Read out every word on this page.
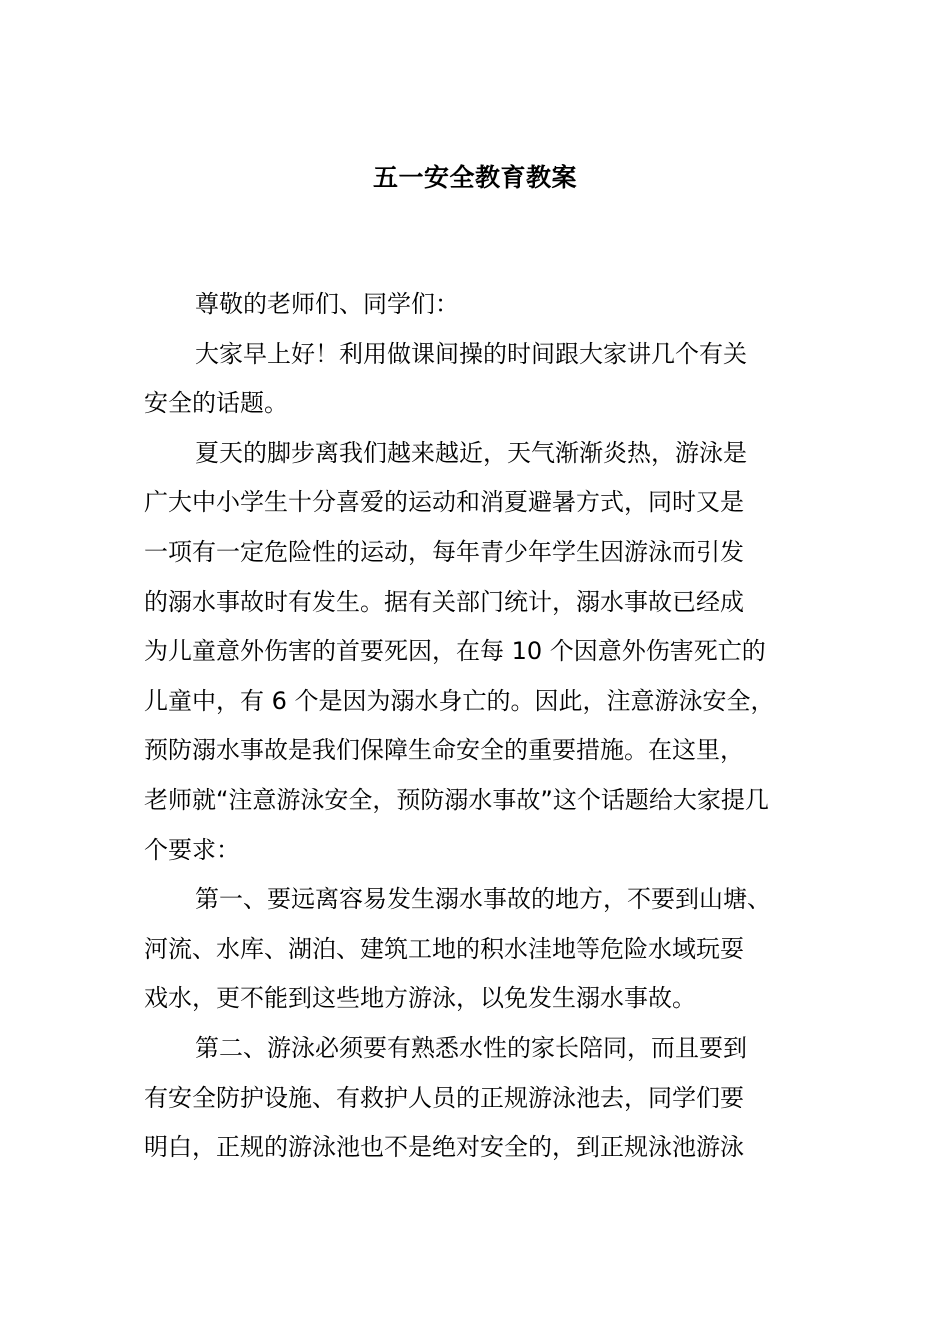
五一安全教育教案
尊敬的老师们、同学们：
大家早上好！利用做课间操的时间跟大家讲几个有关
安全的话题。
夏天的脚步离我们越来越近，天气渐渐炎热，游泳是
广大中小学生十分喜爱的运动和消夏避暑方式，同时又是
一项有一定危险性的运动，每年青少年学生因游泳而引发
的溺水事故时有发生。据有关部门统计，溺水事故已经成
为儿童意外伤害的首要死因，在每 10 个因意外伤害死亡的
儿童中，有 6 个是因为溺水身亡的。因此，注意游泳安全，
预防溺水事故是我们保障生命安全的重要措施。在这里，
老师就“注意游泳安全，预防溺水事故”这个话题给大家提几
个要求：
第一、要远离容易发生溺水事故的地方，不要到山塘、
河流、水库、湖泊、建筑工地的积水洼地等危险水域玩耍
戏水，更不能到这些地方游泳，以免发生溺水事故。
第二、游泳必须要有熟悉水性的家长陪同，而且要到
有安全防护设施、有救护人员的正规游泳池去，同学们要
明白，正规的游泳池也不是绝对安全的，到正规泳池游泳
